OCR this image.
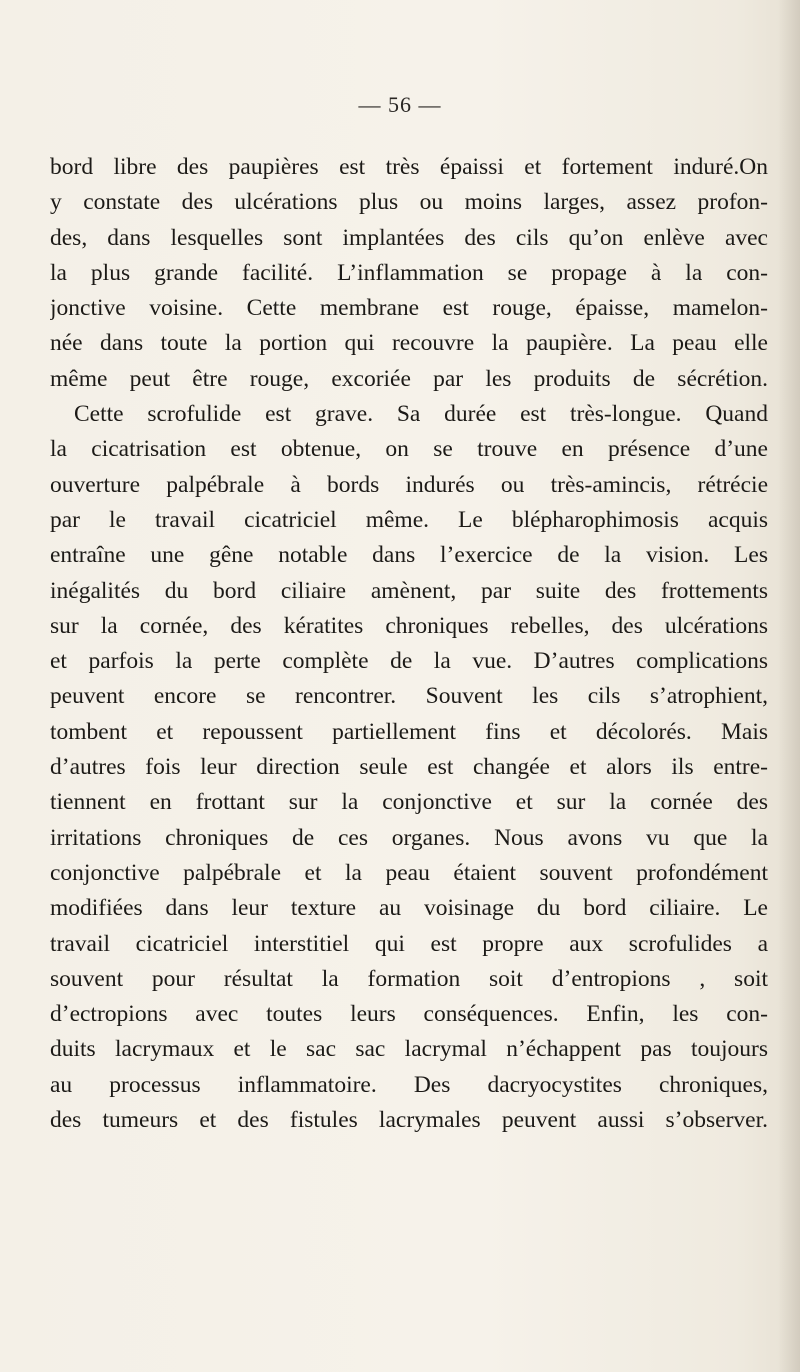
— 56 —
bord libre des paupières est très épaissi et fortement induré.On
y constate des ulcérations plus ou moins larges, assez profon-
des, dans lesquelles sont implantées des cils qu’on enlève avec
la plus grande facilité. L’inflammation se propage à la con-
jonctive voisine. Cette membrane est rouge, épaisse, mamelon-
née dans toute la portion qui recouvre la paupière. La peau elle
même peut être rouge, excoriée par les produits de sécrétion.
Cette scrofulide est grave. Sa durée est très-longue. Quand
la cicatrisation est obtenue, on se trouve en présence d’une
ouverture palpébrale à bords indurés ou très-amincis, rétrécie
par le travail cicatriciel même. Le blépharophimosis acquis
entraîne une gêne notable dans l’exercice de la vision. Les
inégalités du bord ciliaire amènent, par suite des frottements
sur la cornée, des kératites chroniques rebelles, des ulcérations
et parfois la perte complète de la vue. D’autres complications
peuvent encore se rencontrer. Souvent les cils s’atrophient,
tombent et repoussent partiellement fins et décolorés. Mais
d’autres fois leur direction seule est changée et alors ils entre-
tiennent en frottant sur la conjonctive et sur la cornée des
irritations chroniques de ces organes. Nous avons vu que la
conjonctive palpébrale et la peau étaient souvent profondément
modifiées dans leur texture au voisinage du bord ciliaire. Le
travail cicatriciel interstitiel qui est propre aux scrofulides a
souvent pour résultat la formation soit d’entropions , soit
d’ectropions avec toutes leurs conséquences. Enfin, les con-
duits lacrymaux et le sac sac lacrymal n’échappent pas toujours
au processus inflammatoire. Des dacryocystites chroniques,
des tumeurs et des fistules lacrymales peuvent aussi s’observer.
